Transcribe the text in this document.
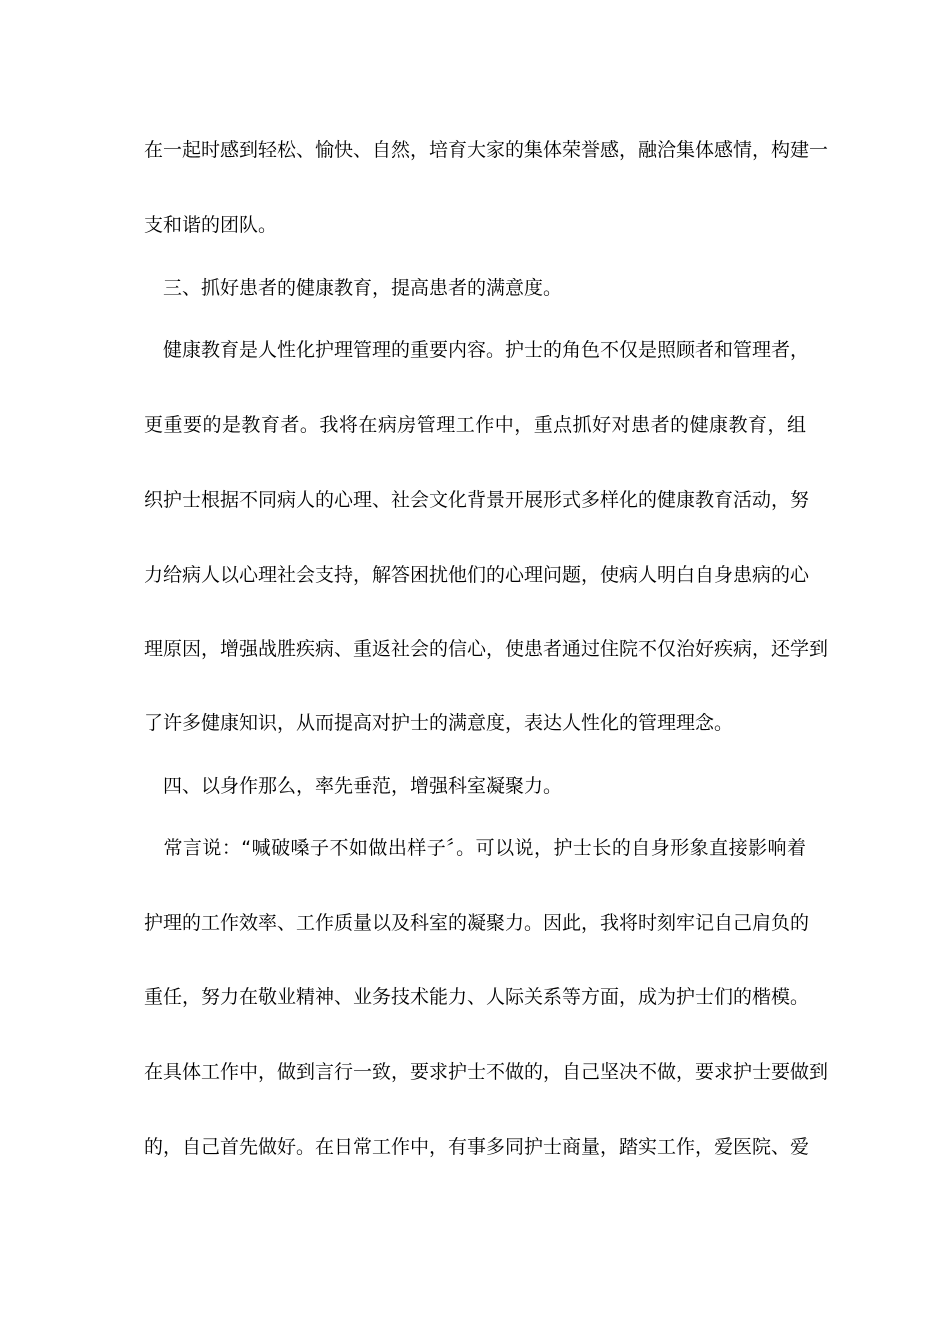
在一起时感到轻松、愉快、自然，培育大家的集体荣誉感，融洽集体感情，构建一
支和谐的团队。
　三、抓好患者的健康教育，提高患者的满意度。
　健康教育是人性化护理管理的重要内容。护士的角色不仅是照顾者和管理者，
更重要的是教育者。我将在病房管理工作中，重点抓好对患者的健康教育，组
织护士根据不同病人的心理、社会文化背景开展形式多样化的健康教育活动，努
力给病人以心理社会支持，解答困扰他们的心理问题，使病人明白自身患病的心
理原因，增强战胜疾病、重返社会的信心，使患者通过住院不仅治好疾病，还学到
了许多健康知识，从而提高对护士的满意度，表达人性化的管理理念。
　四、以身作那么，率先垂范，增强科室凝聚力。
　常言说：“喊破嗓子不如做出样子〞。可以说，护士长的自身形象直接影响着
护理的工作效率、工作质量以及科室的凝聚力。因此，我将时刻牢记自己肩负的
重任，努力在敬业精神、业务技术能力、人际关系等方面，成为护士们的楷模。
在具体工作中，做到言行一致，要求护士不做的，自己坚决不做，要求护士要做到
的，自己首先做好。在日常工作中，有事多同护士商量，踏实工作，爱医院、爱
